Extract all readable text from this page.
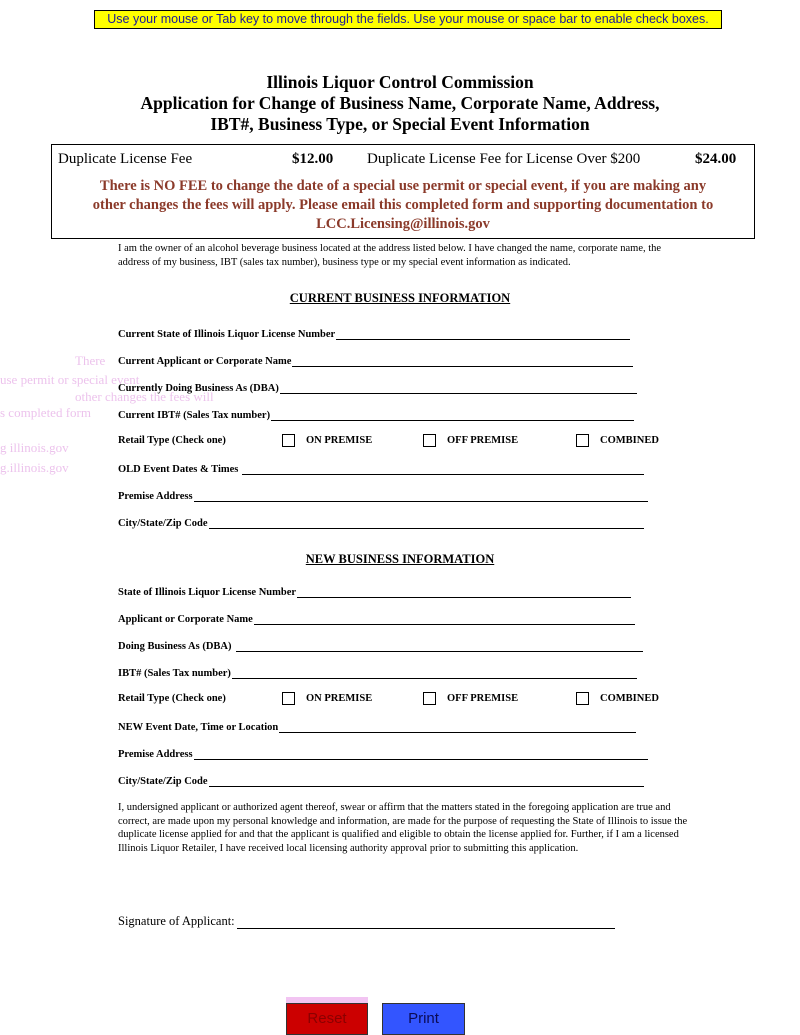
Use your mouse or Tab key to move through the fields. Use your mouse or space bar to enable check boxes.
There
use permit or special event
other changes the fees will
s completed form
g illinois.gov
g.illinois.gov
Illinois Liquor Control Commission
Application for Change of Business Name, Corporate Name, Address,
IBT#, Business Type, or Special Event Information
Duplicate License Fee	$12.00 Duplicate License Fee for License Over $200	$24.00
There is NO FEE to change the date of a special use permit or special event, if you are making any
other changes the fees will apply. Please email this completed form and supporting documentation to
LCC.Licensing@illinois.gov
I am the owner of an alcohol beverage business located at the address listed below. I have changed the name, corporate name, the address of my business, IBT (sales tax number), business type or my special event information as indicated.
CURRENT BUSINESS INFORMATION
Current State of Illinois Liquor License Number
Current Applicant or Corporate Name
Currently Doing Business As (DBA)
Current IBT# (Sales Tax number)
Retail Type (Check one)	ON PREMISE	OFF PREMISE	COMBINED
OLD Event Dates & Times
Premise Address
City/State/Zip Code
NEW BUSINESS INFORMATION
State of Illinois Liquor License Number
Applicant or Corporate Name
Doing Business As (DBA)
IBT# (Sales Tax number)
Retail Type (Check one)	ON PREMISE	OFF PREMISE	COMBINED
NEW Event Date, Time or Location
Premise Address
City/State/Zip Code
I, undersigned applicant or authorized agent thereof, swear or affirm that the matters stated in the foregoing application are true and correct, are made upon my personal knowledge and information, are made for the purpose of requesting the State of Illinois to issue the duplicate license applied for and that the applicant is qualified and eligible to obtain the license applied for. Further, if I am a licensed Illinois Liquor Retailer, I have received local licensing authority approval prior to submitting this application.
Signature of Applicant:
Reset	Print
